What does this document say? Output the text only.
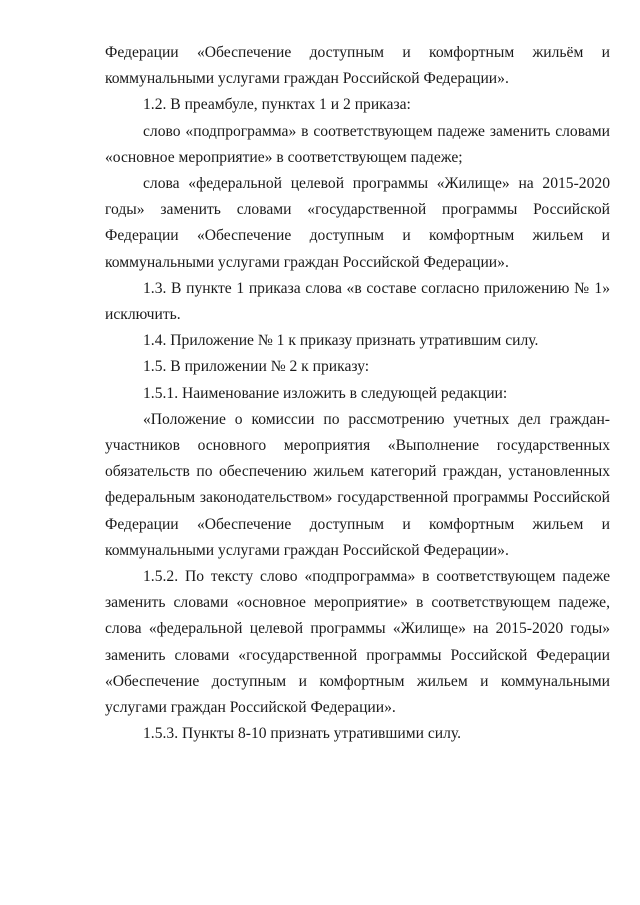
Федерации «Обеспечение доступным и комфортным жильём и коммунальными услугами граждан Российской Федерации».

1.2. В преамбуле, пунктах 1 и 2 приказа:

слово «подпрограмма» в соответствующем падеже заменить словами «основное мероприятие» в соответствующем падеже;

слова «федеральной целевой программы «Жилище» на 2015-2020 годы» заменить словами «государственной программы Российской Федерации «Обеспечение доступным и комфортным жильем и коммунальными услугами граждан Российской Федерации».

1.3. В пункте 1 приказа слова «в составе согласно приложению № 1» исключить.

1.4. Приложение № 1 к приказу признать утратившим силу.

1.5. В приложении № 2 к приказу:

1.5.1. Наименование изложить в следующей редакции:

«Положение о комиссии по рассмотрению учетных дел граждан-участников основного мероприятия «Выполнение государственных обязательств по обеспечению жильем категорий граждан, установленных федеральным законодательством» государственной программы Российской Федерации «Обеспечение доступным и комфортным жильем и коммунальными услугами граждан Российской Федерации».

1.5.2. По тексту слово «подпрограмма» в соответствующем падеже заменить словами «основное мероприятие» в соответствующем падеже, слова «федеральной целевой программы «Жилище» на 2015-2020 годы» заменить словами «государственной программы Российской Федерации «Обеспечение доступным и комфортным жильем и коммунальными услугами граждан Российской Федерации».

1.5.3. Пункты 8-10 признать утратившими силу.
